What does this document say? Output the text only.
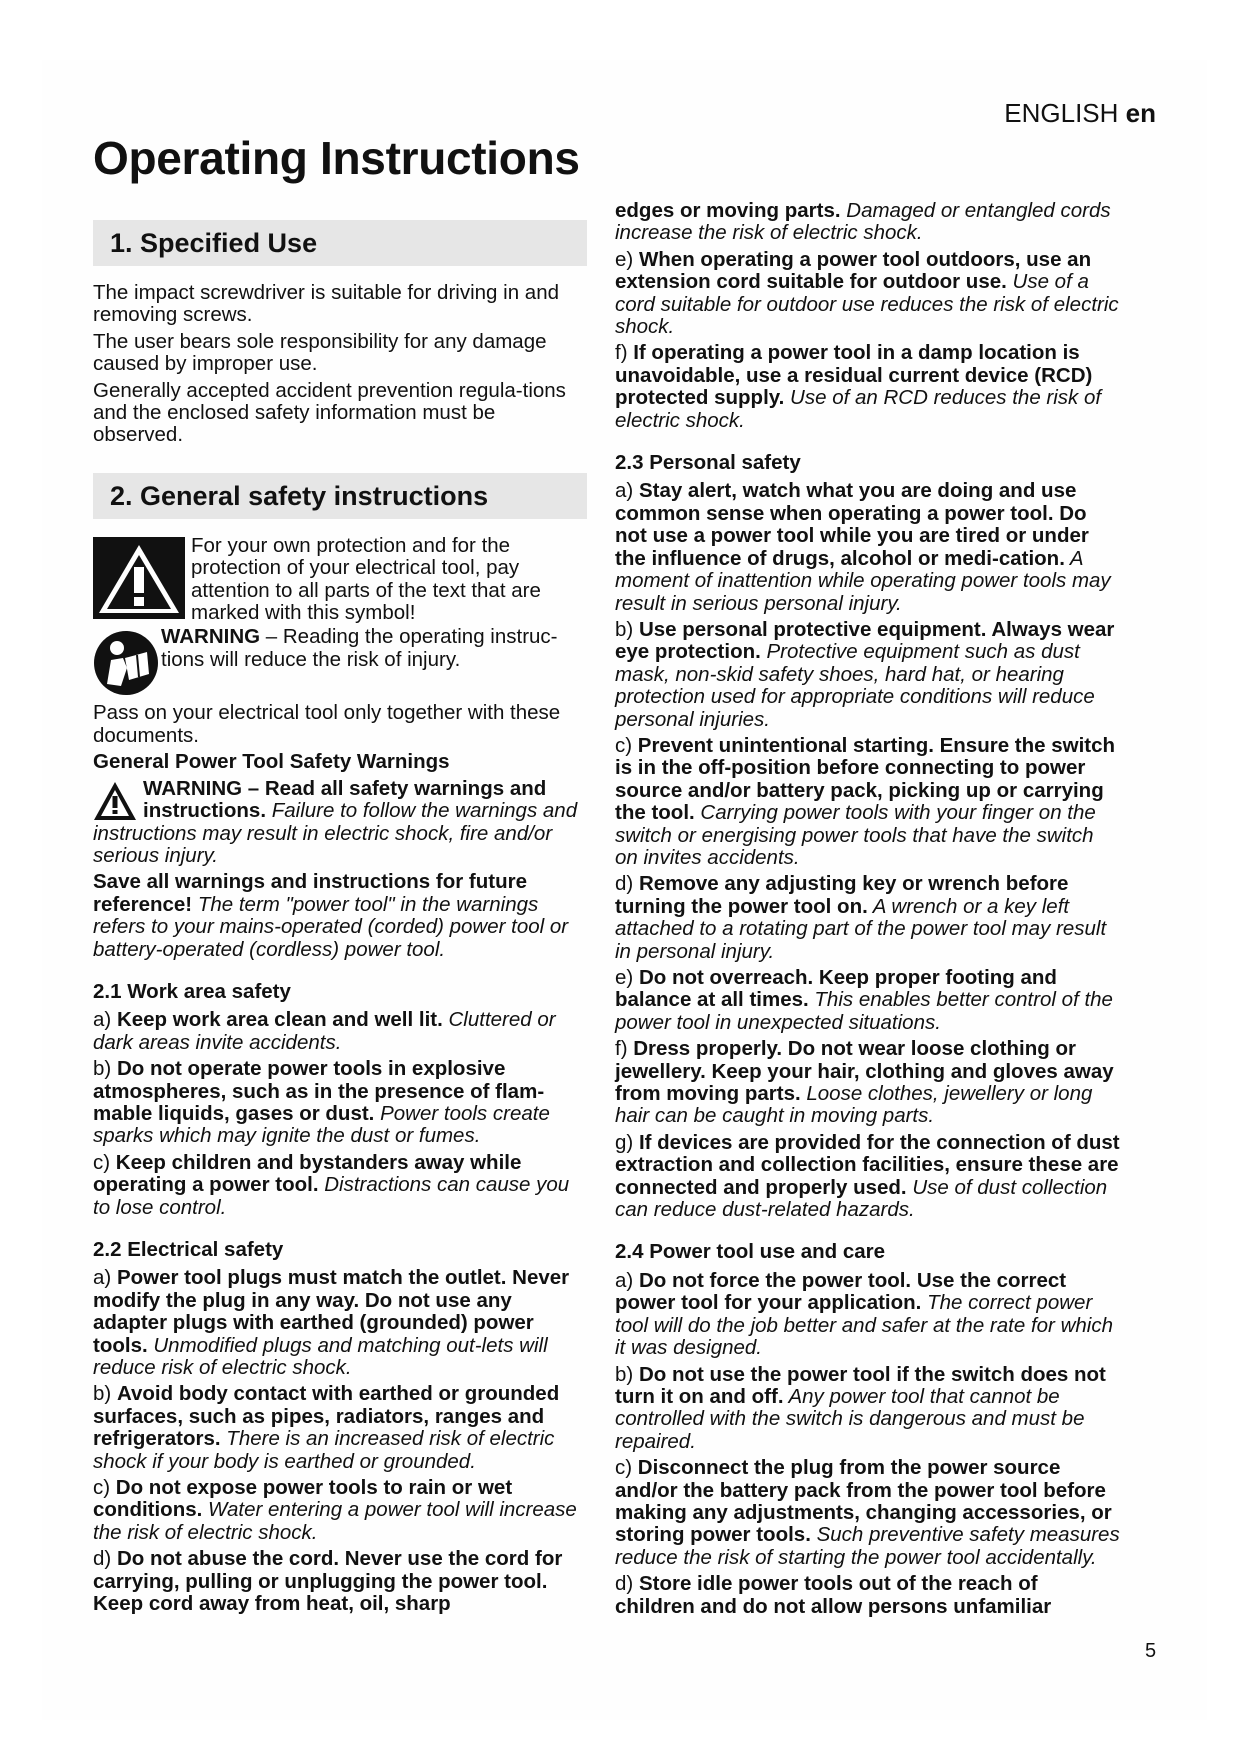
ENGLISH en
Operating Instructions
1. Specified Use

The impact screwdriver is suitable for driving in and removing screws.

The user bears sole responsibility for any damage caused by improper use.

Generally accepted accident prevention regula-tions and the enclosed safety information must be observed.

2. General safety instructions
For your own protection and for the protection of your electrical tool, pay attention to all parts of the text that are marked with this symbol!
WARNING – Reading the operating instruc-tions will reduce the risk of injury.

Pass on your electrical tool only together with these documents.

General Power Tool Safety Warnings

WARNING – Read all safety warnings and instructions. Failure to follow the warnings and instructions may result in electric shock, fire and/or serious injury.

Save all warnings and instructions for future reference! The term "power tool" in the warnings refers to your mains-operated (corded) power tool or battery-operated (cordless) power tool.

2.1 Work area safety

a) Keep work area clean and well lit. Cluttered or dark areas invite accidents.

b) Do not operate power tools in explosive atmospheres, such as in the presence of flam-mable liquids, gases or dust. Power tools create sparks which may ignite the dust or fumes.

c) Keep children and bystanders away while operating a power tool. Distractions can cause you to lose control.

2.2 Electrical safety

a) Power tool plugs must match the outlet. Never modify the plug in any way. Do not use any adapter plugs with earthed (grounded) power tools. Unmodified plugs and matching out-lets will reduce risk of electric shock.

b) Avoid body contact with earthed or grounded surfaces, such as pipes, radiators, ranges and refrigerators. There is an increased risk of electric shock if your body is earthed or grounded.

c) Do not expose power tools to rain or wet conditions. Water entering a power tool will increase the risk of electric shock.

d) Do not abuse the cord. Never use the cord for carrying, pulling or unplugging the power tool. Keep cord away from heat, oil, sharp

edges or moving parts. Damaged or entangled cords increase the risk of electric shock.

e) When operating a power tool outdoors, use an extension cord suitable for outdoor use. Use of a cord suitable for outdoor use reduces the risk of electric shock.

f) If operating a power tool in a damp location is unavoidable, use a residual current device (RCD) protected supply. Use of an RCD reduces the risk of electric shock.

2.3 Personal safety

a) Stay alert, watch what you are doing and use common sense when operating a power tool. Do not use a power tool while you are tired or under the influence of drugs, alcohol or medi-cation. A moment of inattention while operating power tools may result in serious personal injury.

b) Use personal protective equipment. Always wear eye protection. Protective equipment such as dust mask, non-skid safety shoes, hard hat, or hearing protection used for appropriate conditions will reduce personal injuries.

c) Prevent unintentional starting. Ensure the switch is in the off-position before connecting to power source and/or battery pack, picking up or carrying the tool. Carrying power tools with your finger on the switch or energising power tools that have the switch on invites accidents.

d) Remove any adjusting key or wrench before turning the power tool on. A wrench or a key left attached to a rotating part of the power tool may result in personal injury.

e) Do not overreach. Keep proper footing and balance at all times. This enables better control of the power tool in unexpected situations.

f) Dress properly. Do not wear loose clothing or jewellery. Keep your hair, clothing and gloves away from moving parts. Loose clothes, jewellery or long hair can be caught in moving parts.

g) If devices are provided for the connection of dust extraction and collection facilities, ensure these are connected and properly used. Use of dust collection can reduce dust-related hazards.

2.4 Power tool use and care

a) Do not force the power tool. Use the correct power tool for your application. The correct power tool will do the job better and safer at the rate for which it was designed.

b) Do not use the power tool if the switch does not turn it on and off. Any power tool that cannot be controlled with the switch is dangerous and must be repaired.

c) Disconnect the plug from the power source and/or the battery pack from the power tool before making any adjustments, changing accessories, or storing power tools. Such preventive safety measures reduce the risk of starting the power tool accidentally.

d) Store idle power tools out of the reach of children and do not allow persons unfamiliar

5
